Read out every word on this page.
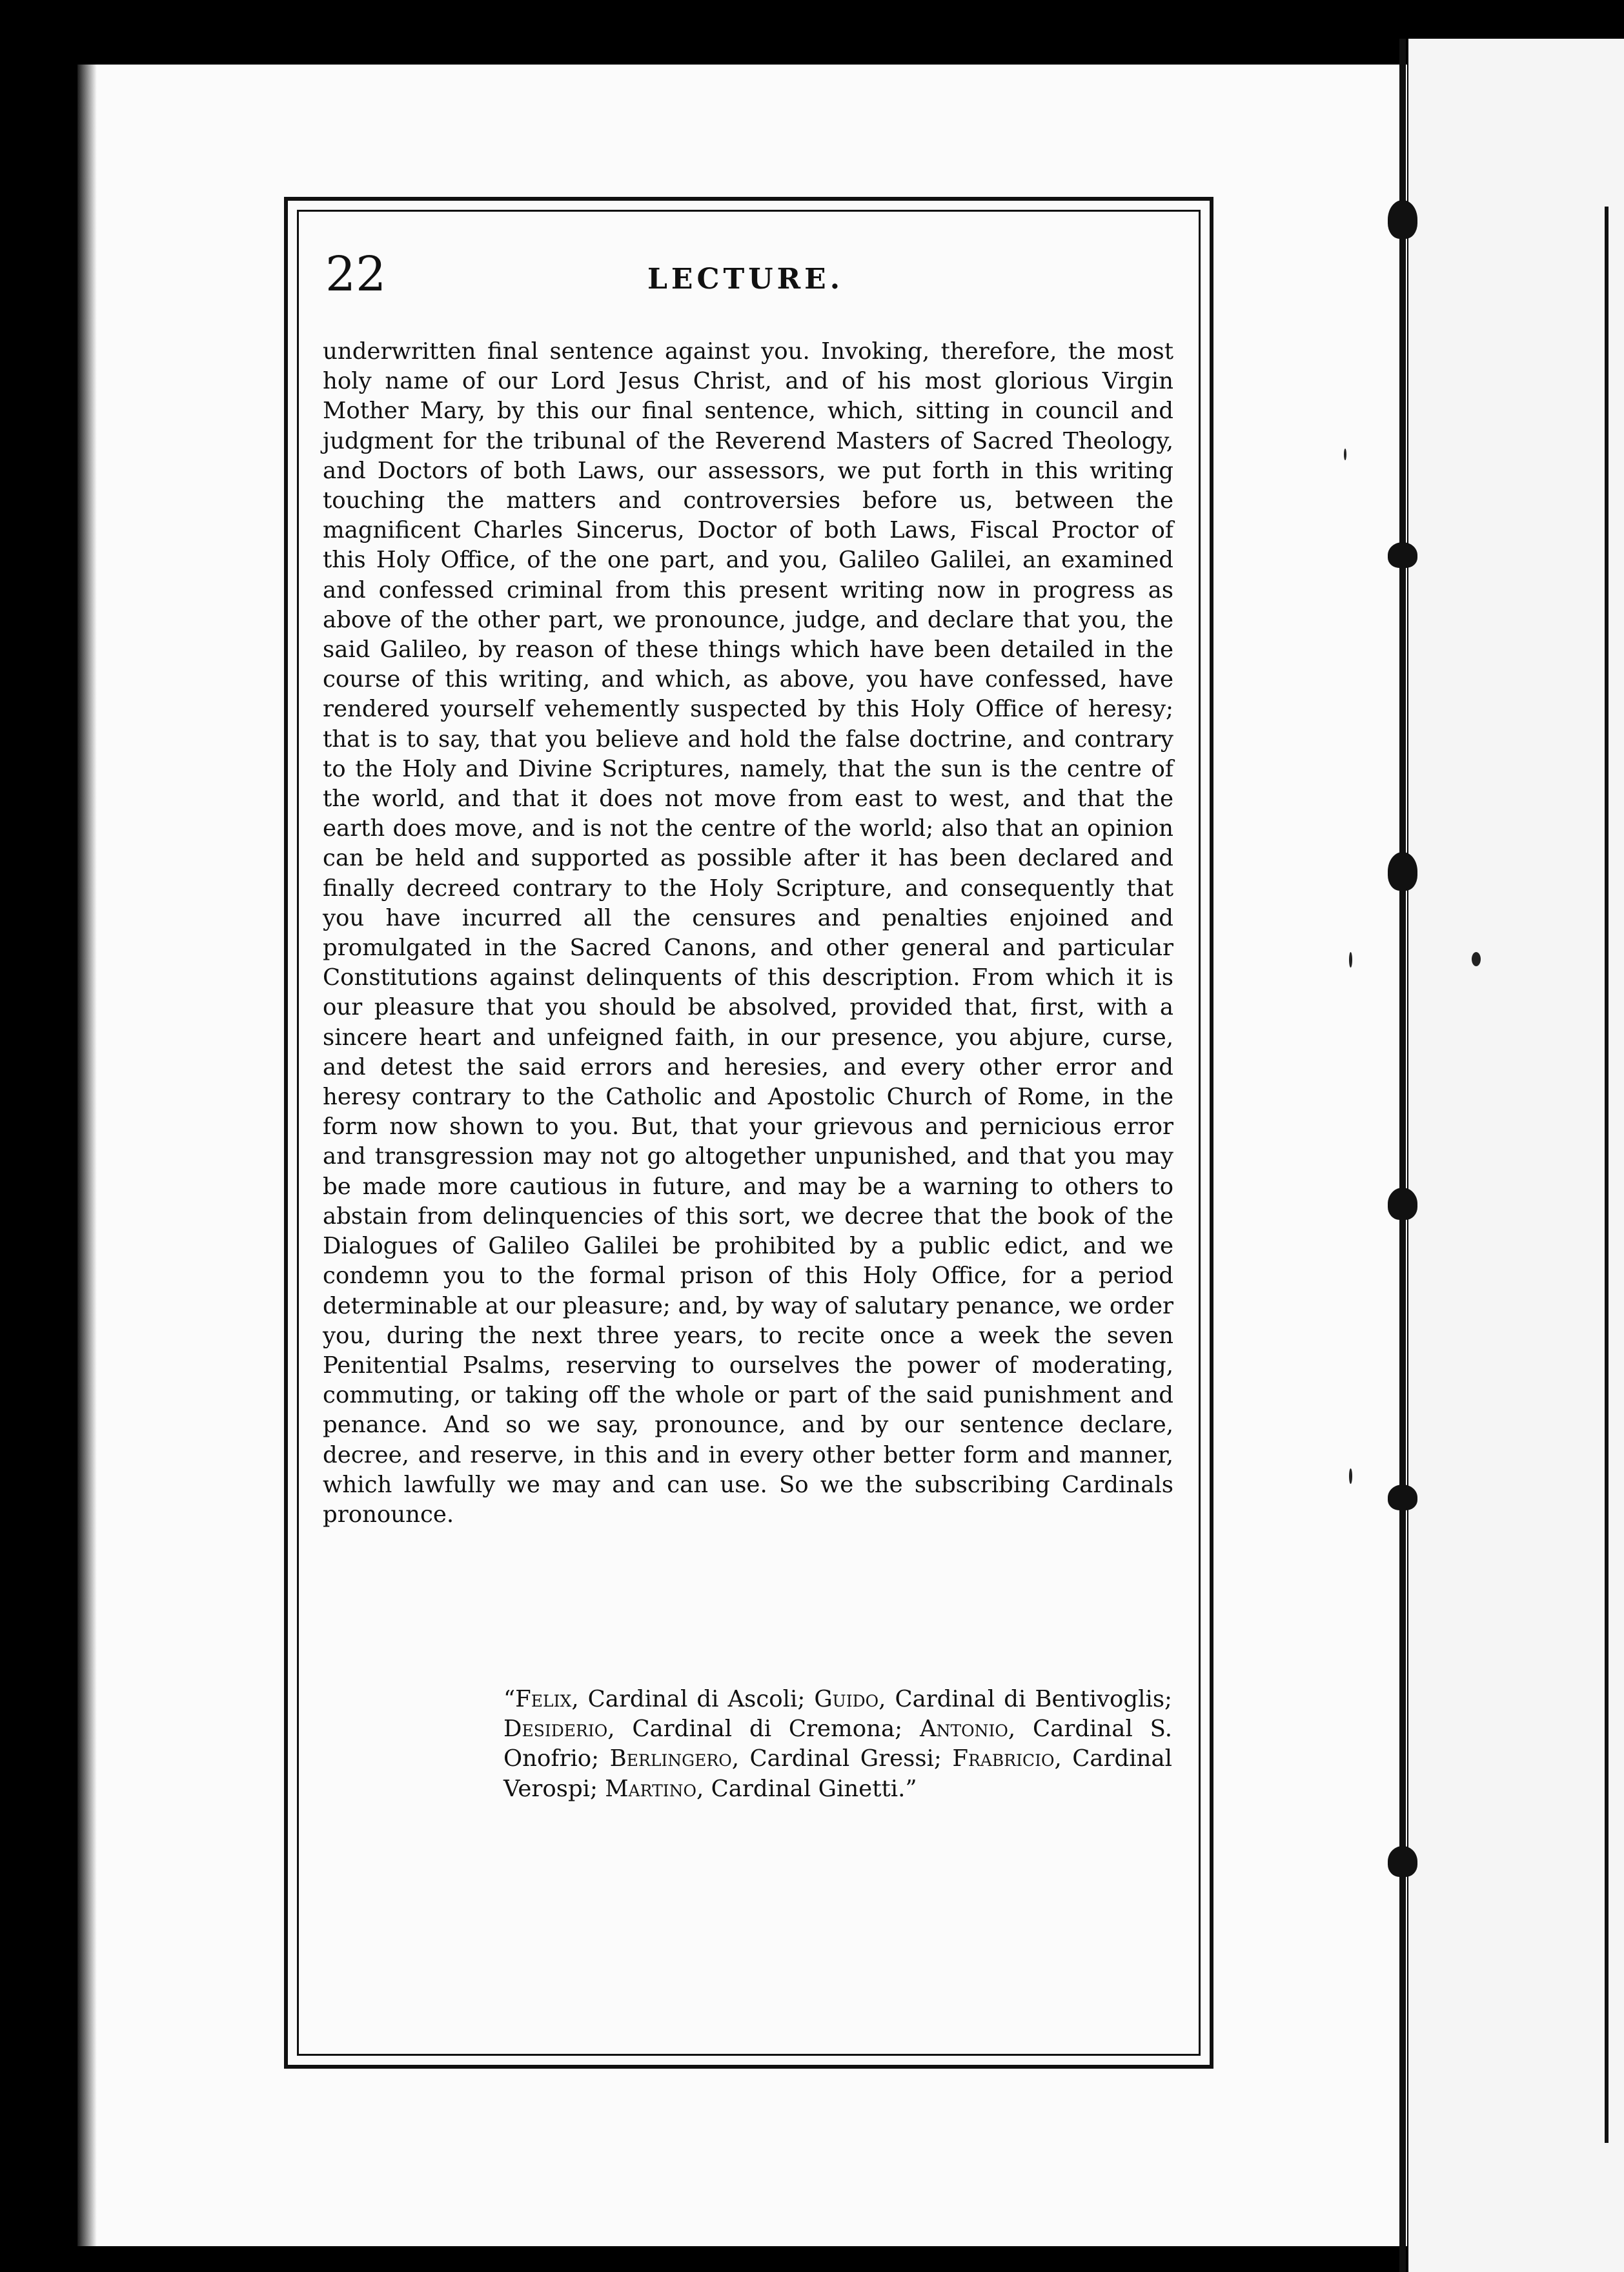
22	LECTURE.

underwritten final sentence against you. Invoking, therefore, the most holy name of our Lord Jesus Christ, and of his most glorious Virgin Mother Mary, by this our final sentence, which, sitting in council and judgment for the tribunal of the Reverend Masters of Sacred Theology, and Doctors of both Laws, our assessors, we put forth in this writing touching the matters and controversies before us, between the magnificent Charles Sincerus, Doctor of both Laws, Fiscal Proctor of this Holy Office, of the one part, and you, Galileo Galilei, an examined and confessed criminal from this present writing now in progress as above of the other part, we pronounce, judge, and declare that you, the said Galileo, by reason of these things which have been detailed in the course of this writing, and which, as above, you have confessed, have rendered yourself vehemently suspected by this Holy Office of heresy; that is to say, that you believe and hold the false doctrine, and contrary to the Holy and Divine Scriptures, namely, that the sun is the centre of the world, and that it does not move from east to west, and that the earth does move, and is not the centre of the world; also that an opinion can be held and supported as possible after it has been declared and finally decreed contrary to the Holy Scripture, and consequently that you have incurred all the censures and penalties enjoined and promulgated in the Sacred Canons, and other general and particular Constitutions against delinquents of this description. From which it is our pleasure that you should be absolved, provided that, first, with a sincere heart and unfeigned faith, in our presence, you abjure, curse, and detest the said errors and heresies, and every other error and heresy contrary to the Catholic and Apostolic Church of Rome, in the form now shown to you. But, that your grievous and pernicious error and transgression may not go altogether unpunished, and that you may be made more cautious in future, and may be a warning to others to abstain from delinquencies of this sort, we decree that the book of the Dialogues of Galileo Galilei be prohibited by a public edict, and we condemn you to the formal prison of this Holy Office, for a period determinable at our pleasure; and, by way of salutary penance, we order you, during the next three years, to recite once a week the seven Penitential Psalms, reserving to ourselves the power of moderating, commuting, or taking off the whole or part of the said punishment and penance. And so we say, pronounce, and by our sentence declare, decree, and reserve, in this and in every other better form and manner, which lawfully we may and can use. So we the subscribing Cardinals pronounce.

“Felix, Cardinal di Ascoli; Guido, Cardinal di Bentivoglis; Desiderio, Cardinal di Cremona; Antonio, Cardinal S. Onofrio; Berlingero, Cardinal Gressi; Frabricio, Cardinal Verospi; Martino, Cardinal Ginetti.”
